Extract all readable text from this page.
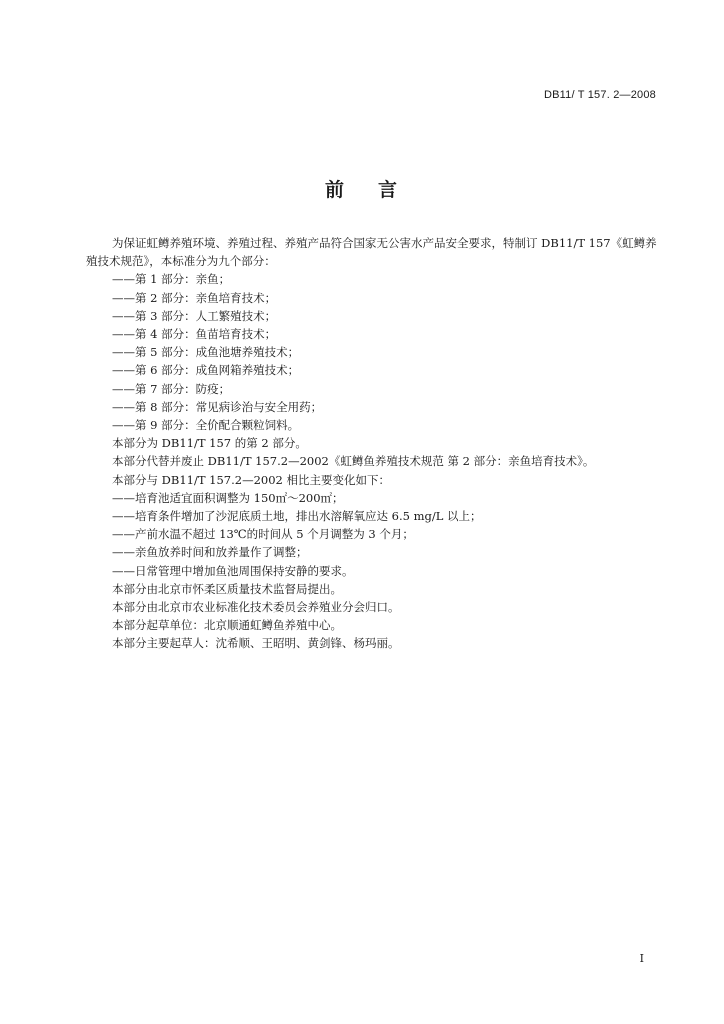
DB11/ T 157. 2—2008
前 言

为保证虹鳟养殖环境、养殖过程、养殖产品符合国家无公害水产品安全要求，特制订 DB11/T 157《虹鳟养殖技术规范》，本标准分为九个部分：

——第 1 部分：亲鱼；
——第 2 部分：亲鱼培育技术；
——第 3 部分：人工繁殖技术；
——第 4 部分：鱼苗培育技术；
——第 5 部分：成鱼池塘养殖技术；
——第 6 部分：成鱼网箱养殖技术；
——第 7 部分：防疫；
——第 8 部分：常见病诊治与安全用药；
——第 9 部分：全价配合颗粒饲料。

本部分为 DB11/T 157 的第 2 部分。

本部分代替并废止 DB11/T 157.2—2002《虹鳟鱼养殖技术规范 第 2 部分：亲鱼培育技术》。

本部分与 DB11/T 157.2—2002 相比主要变化如下：

——培育池适宜面积调整为 150㎡～200㎡；
——培育条件增加了沙泥底质土地，排出水溶解氧应达 6.5 mg/L 以上；
——产前水温不超过 13℃的时间从 5 个月调整为 3 个月；
——亲鱼放养时间和放养量作了调整；
——日常管理中增加鱼池周围保持安静的要求。

本部分由北京市怀柔区质量技术监督局提出。

本部分由北京市农业标准化技术委员会养殖业分会归口。

本部分起草单位：北京顺通虹鳟鱼养殖中心。

本部分主要起草人：沈希顺、王昭明、黄剑锋、杨玛丽。

I
